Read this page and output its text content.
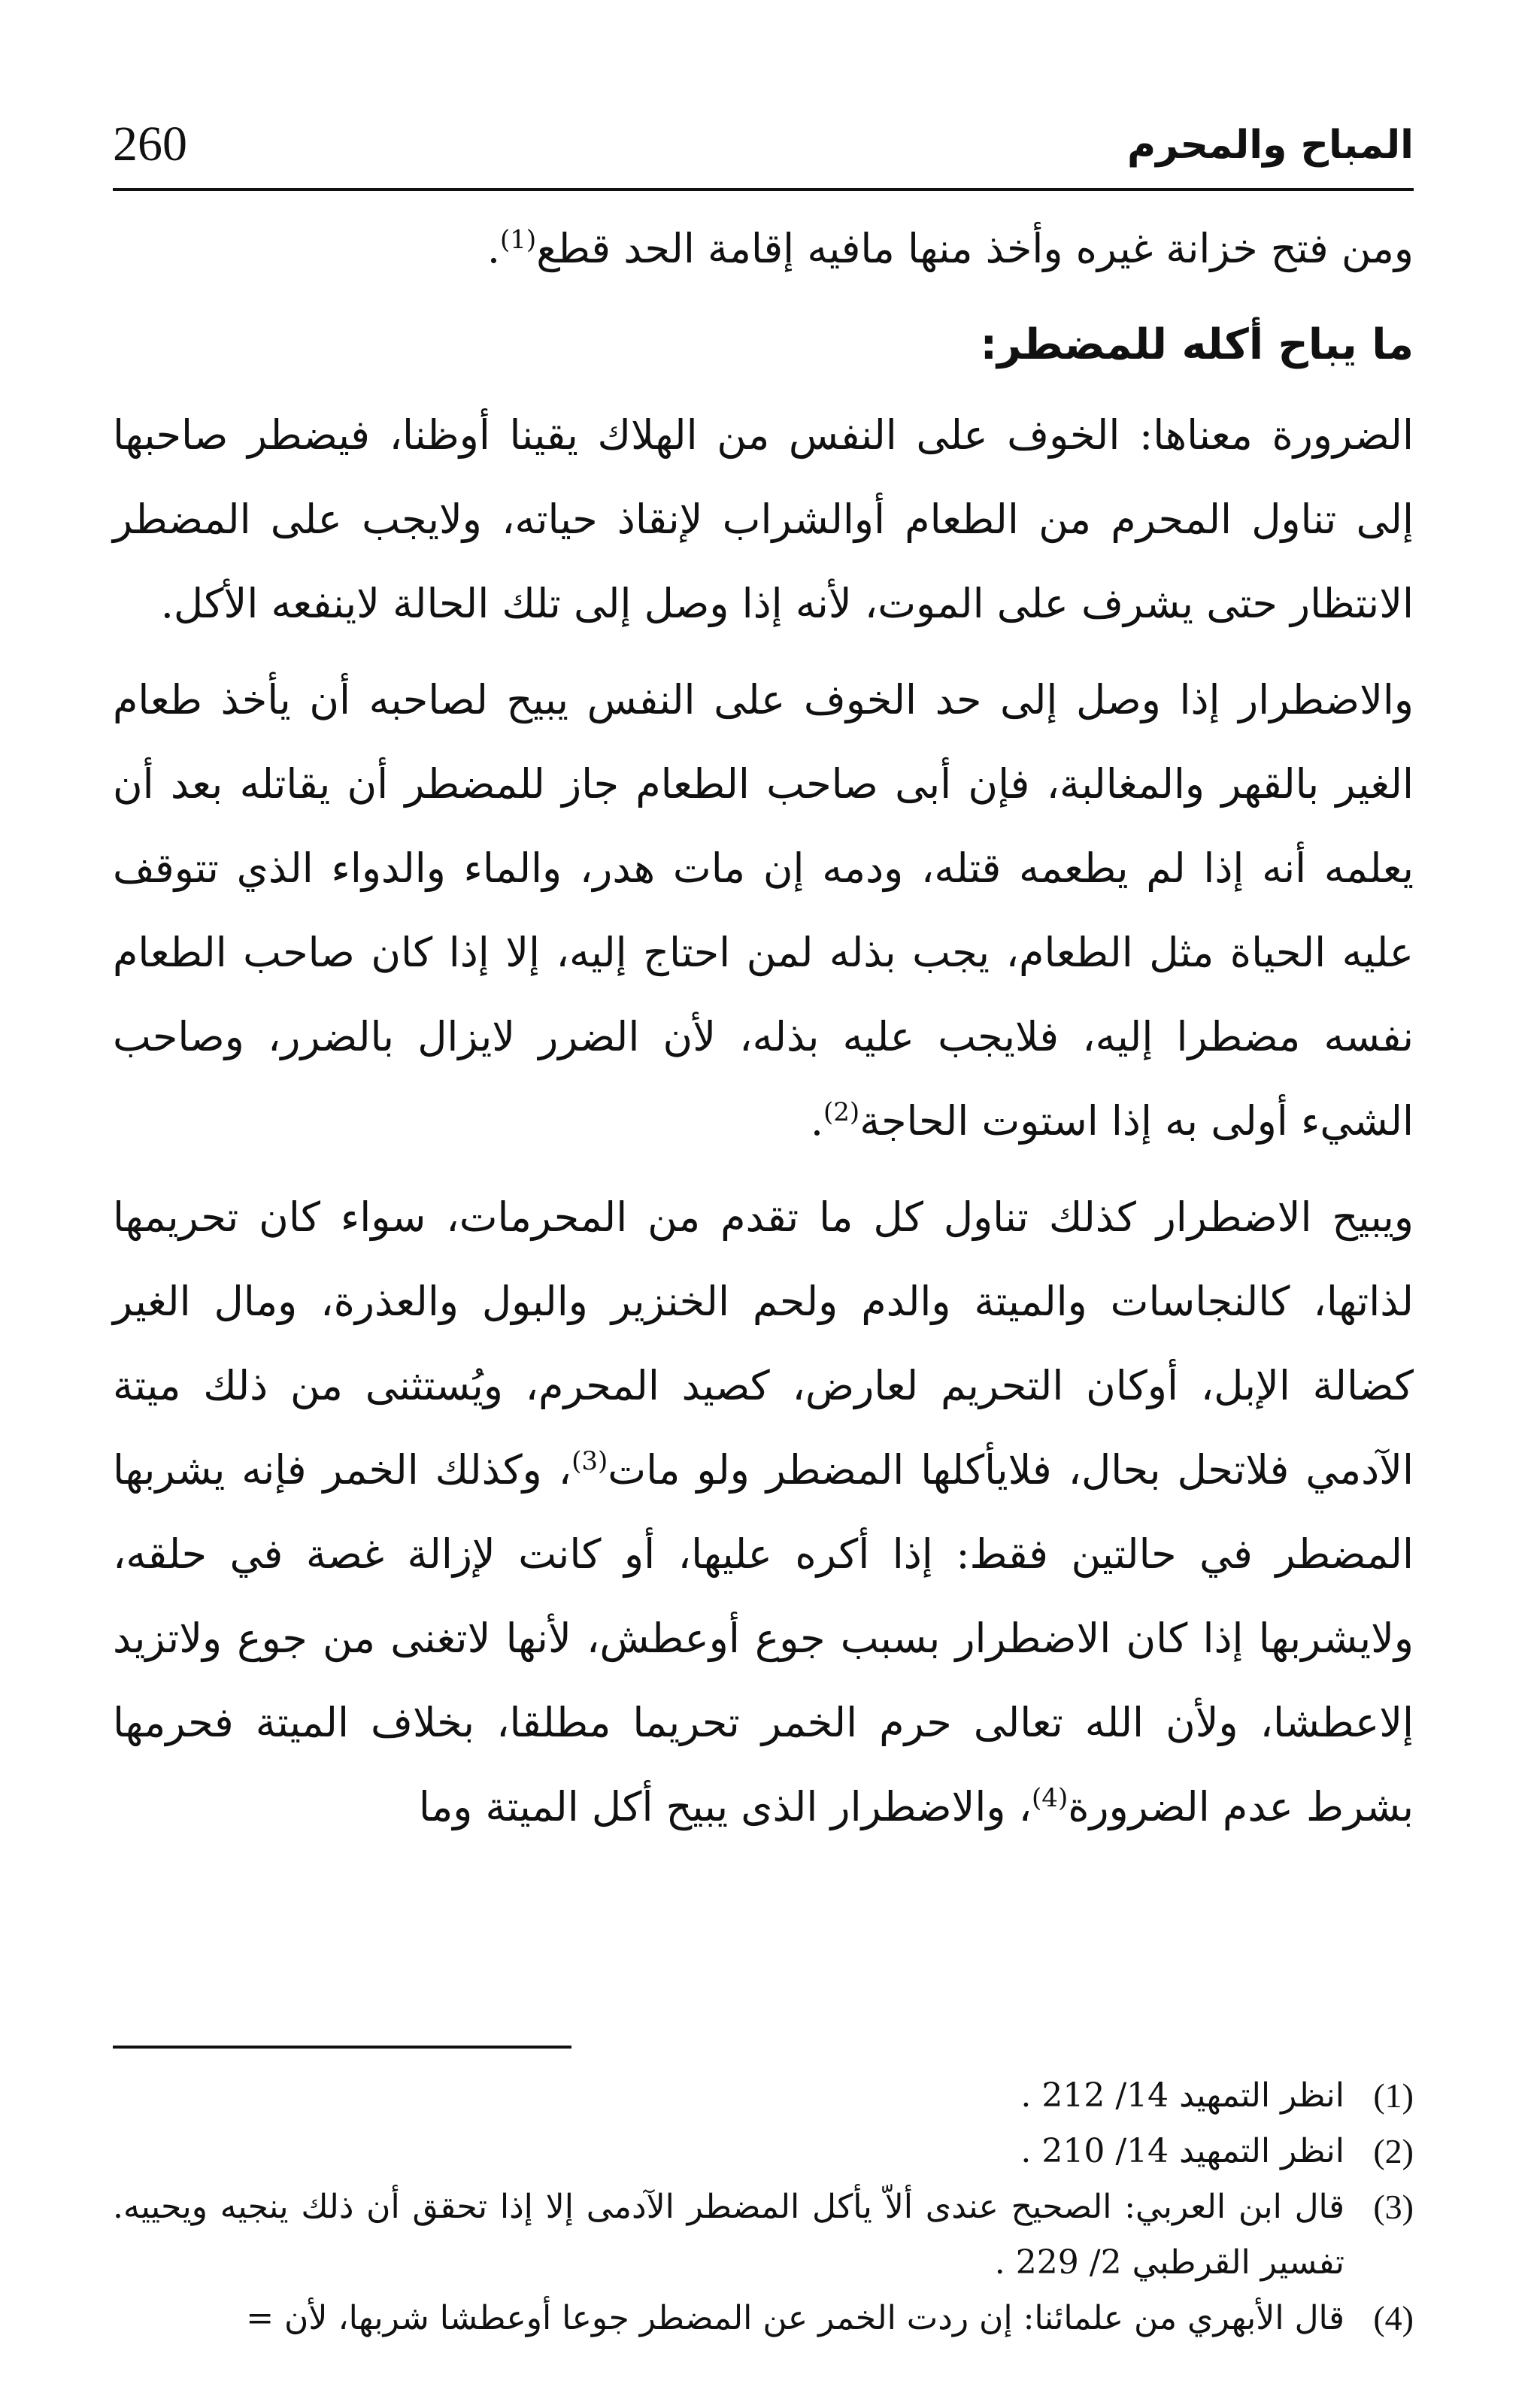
المباح والمحرم
260

ومن فتح خزانة غيره وأخذ منها مافيه إقامة الحد قطع$^{(1)}$.

ما يباح أكله للمضطر:

الضرورة معناها: الخوف على النفس من الهلاك يقينا أوظنا، فيضطر صاحبها إلى تناول المحرم من الطعام أوالشراب لإنقاذ حياته، ولايجب على المضطر الانتظار حتى يشرف على الموت، لأنه إذا وصل إلى تلك الحالة لاينفعه الأكل.

والاضطرار إذا وصل إلى حد الخوف على النفس يبيح لصاحبه أن يأخذ طعام الغير بالقهر والمغالبة، فإن أبى صاحب الطعام جاز للمضطر أن يقاتله بعد أن يعلمه أنه إذا لم يطعمه قتله، ودمه إن مات هدر، والماء والدواء الذي تتوقف عليه الحياة مثل الطعام، يجب بذله لمن احتاج إليه، إلا إذا كان صاحب الطعام نفسه مضطرا إليه، فلايجب عليه بذله، لأن الضرر لايزال بالضرر، وصاحب الشيء أولى به إذا استوت الحاجة$^{(2)}$.

ويبيح الاضطرار كذلك تناول كل ما تقدم من المحرمات، سواء كان تحريمها لذاتها، كالنجاسات والميتة والدم ولحم الخنزير والبول والعذرة، ومال الغير كضالة الإبل، أوكان التحريم لعارض، كصيد المحرم، ويُستثنى من ذلك ميتة الآدمي فلاتحل بحال، فلايأكلها المضطر ولو مات$^{(3)}$، وكذلك الخمر فإنه يشربها المضطر في حالتين فقط: إذا أكره عليها، أو كانت لإزالة غصة في حلقه، ولايشربها إذا كان الاضطرار بسبب جوع أوعطش، لأنها لاتغنى من جوع ولاتزيد إلاعطشا، ولأن الله تعالى حرم الخمر تحريما مطلقا، بخلاف الميتة فحرمها بشرط عدم الضرورة$^{(4)}$، والاضطرار الذى يبيح أكل الميتة وما

(1)
انظر التمهيد 14/ 212 .
(2)
انظر التمهيد 14/ 210 .
(3)
قال ابن العربي: الصحيح عندى ألاّ يأكل المضطر الآدمى إلا إذا تحقق أن ذلك ينجيه ويحييه. تفسير القرطبي 2/ 229 .
(4)
قال الأبهري من علمائنا: إن ردت الخمر عن المضطر جوعا أوعطشا شربها، لأن =
